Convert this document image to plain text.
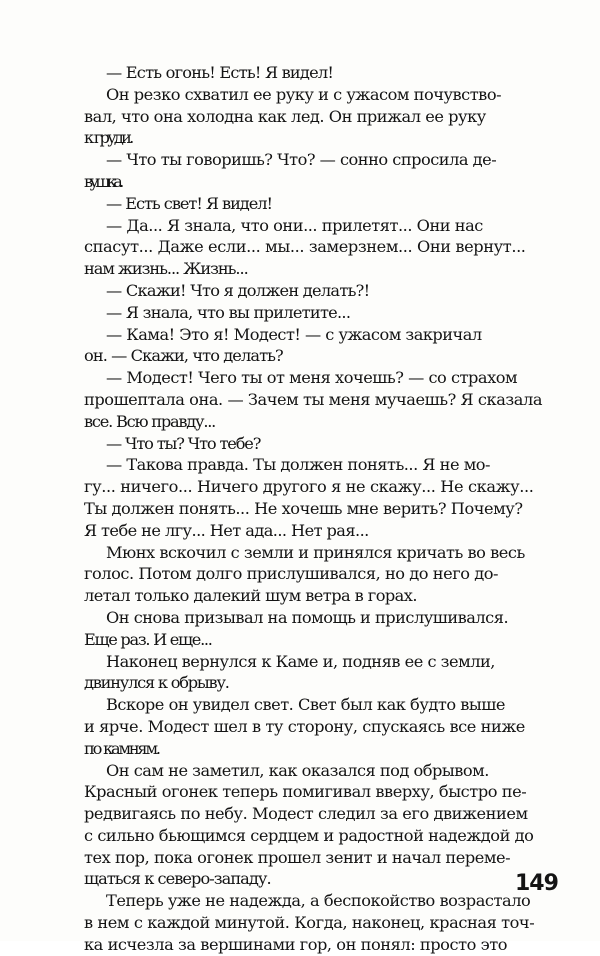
— Есть огонь! Есть! Я видел!
Он резко схватил ее руку и с ужасом почувство-
вал, что она холодна как лед. Он прижал ее руку
к груди.
— Что ты говоришь? Что? — сонно спросила де-
вушка.
— Есть свет! Я видел!
— Да... Я знала, что они... прилетят... Они нас
спасут... Даже если... мы... замерзнем... Они вернут...
нам жизнь... Жизнь...
— Скажи! Что я должен делать?!
— Я знала, что вы прилетите...
— Кама! Это я! Модест! — с ужасом закричал
он. — Скажи, что делать?
— Модест! Чего ты от меня хочешь? — со страхом
прошептала она. — Зачем ты меня мучаешь? Я сказала
все. Всю правду...
— Что ты? Что тебе?
— Такова правда. Ты должен понять... Я не мо-
гу... ничего... Ничего другого я не скажу... Не скажу...
Ты должен понять... Не хочешь мне верить? Почему?
Я тебе не лгу... Нет ада... Нет рая...
Мюнх вскочил с земли и принялся кричать во весь
голос. Потом долго прислушивался, но до него до-
летал только далекий шум ветра в горах.
Он снова призывал на помощь и прислушивался.
Еще раз. И еще...
Наконец вернулся к Каме и, подняв ее с земли,
двинулся к обрыву.
Вскоре он увидел свет. Свет был как будто выше
и ярче. Модест шел в ту сторону, спускаясь все ниже
по камням.
Он сам не заметил, как оказался под обрывом.
Красный огонек теперь помигивал вверху, быстро пе-
редвигаясь по небу. Модест следил за его движением
с сильно бьющимся сердцем и радостной надеждой до
тех пор, пока огонек прошел зенит и начал переме-
щаться к северо-западу.
Теперь уже не надежда, а беспокойство возрастало
в нем с каждой минутой. Когда, наконец, красная точ-
ка исчезла за вершинами гор, он понял: просто это
149
